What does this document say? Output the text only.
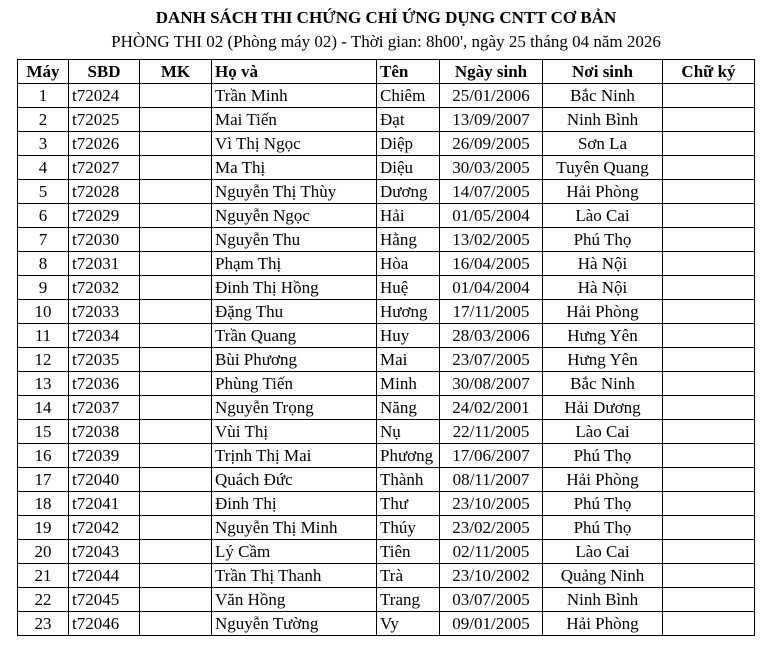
DANH SÁCH THI CHỨNG CHỈ ỨNG DỤNG CNTT CƠ BẢN
PHÒNG THI 02 (Phòng máy 02) - Thời gian: 8h00', ngày 25 tháng 04 năm 2026
Máy	SBD	MK	Họ và	Tên	Ngày sinh	Nơi sinh	Chữ ký
1	t72024		Trần Minh	Chiêm	25/01/2006	Bắc Ninh	
2	t72025		Mai Tiến	Đạt	13/09/2007	Ninh Bình	
3	t72026		Vì Thị Ngọc	Diệp	26/09/2005	Sơn La	
4	t72027		Ma Thị	Diệu	30/03/2005	Tuyên Quang	
5	t72028		Nguyễn Thị Thùy	Dương	14/07/2005	Hải Phòng	
6	t72029		Nguyễn Ngọc	Hải	01/05/2004	Lào Cai	
7	t72030		Nguyễn Thu	Hằng	13/02/2005	Phú Thọ	
8	t72031		Phạm Thị	Hòa	16/04/2005	Hà Nội	
9	t72032		Đinh Thị Hồng	Huệ	01/04/2004	Hà Nội	
10	t72033		Đặng Thu	Hương	17/11/2005	Hải Phòng	
11	t72034		Trần Quang	Huy	28/03/2006	Hưng Yên	
12	t72035		Bùi Phương	Mai	23/07/2005	Hưng Yên	
13	t72036		Phùng Tiến	Minh	30/08/2007	Bắc Ninh	
14	t72037		Nguyễn Trọng	Năng	24/02/2001	Hải Dương	
15	t72038		Vùi Thị	Nụ	22/11/2005	Lào Cai	
16	t72039		Trịnh Thị Mai	Phương	17/06/2007	Phú Thọ	
17	t72040		Quách Đức	Thành	08/11/2007	Hải Phòng	
18	t72041		Đinh Thị	Thư	23/10/2005	Phú Thọ	
19	t72042		Nguyễn Thị Minh	Thúy	23/02/2005	Phú Thọ	
20	t72043		Lý Cầm	Tiên	02/11/2005	Lào Cai	
21	t72044		Trần Thị Thanh	Trà	23/10/2002	Quảng Ninh	
22	t72045		Văn Hồng	Trang	03/07/2005	Ninh Bình	
23	t72046		Nguyễn Tường	Vy	09/01/2005	Hải Phòng	
